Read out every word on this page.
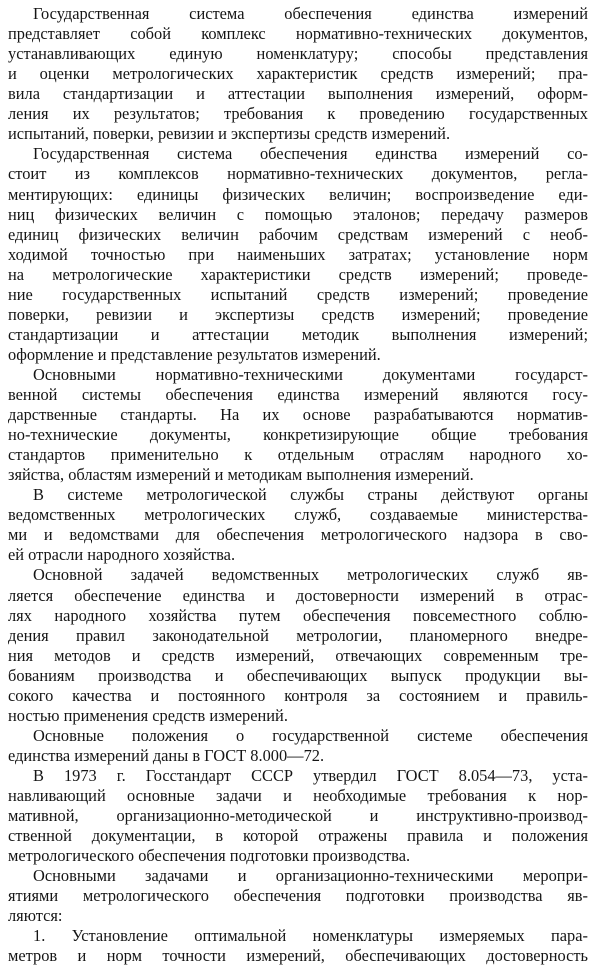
Государственная система обеспечения единства измерений
представляет собой комплекс нормативно-технических документов,
устанавливающих единую номенклатуру; способы представления
и оценки метрологических характеристик средств измерений; пра-
вила стандартизации и аттестации выполнения измерений, оформ-
ления их результатов; требования к проведению государственных
испытаний, поверки, ревизии и экспертизы средств измерений.
Государственная система обеспечения единства измерений со-
стоит из комплексов нормативно-технических документов, регла-
ментирующих: единицы физических величин; воспроизведение еди-
ниц физических величин с помощью эталонов; передачу размеров
единиц физических величин рабочим средствам измерений с необ-
ходимой точностью при наименьших затратах; установление норм
на метрологические характеристики средств измерений; проведе-
ние государственных испытаний средств измерений; проведение
поверки, ревизии и экспертизы средств измерений; проведение
стандартизации и аттестации методик выполнения измерений;
оформление и представление результатов измерений.
Основными нормативно-техническими документами государст-
венной системы обеспечения единства измерений являются госу-
дарственные стандарты. На их основе разрабатываются норматив-
но-технические документы, конкретизирующие общие требования
стандартов применительно к отдельным отраслям народного хо-
зяйства, областям измерений и методикам выполнения измерений.
В системе метрологической службы страны действуют органы
ведомственных метрологических служб, создаваемые министерства-
ми и ведомствами для обеспечения метрологического надзора в сво-
ей отрасли народного хозяйства.
Основной задачей ведомственных метрологических служб яв-
ляется обеспечение единства и достоверности измерений в отрас-
лях народного хозяйства путем обеспечения повсеместного соблю-
дения правил законодательной метрологии, планомерного внедре-
ния методов и средств измерений, отвечающих современным тре-
бованиям производства и обеспечивающих выпуск продукции вы-
сокого качества и постоянного контроля за состоянием и правиль-
ностью применения средств измерений.
Основные положения о государственной системе обеспечения
единства измерений даны в ГОСТ 8.000—72.
В 1973 г. Госстандарт СССР утвердил ГОСТ 8.054—73, уста-
навливающий основные задачи и необходимые требования к нор-
мативной, организационно-методической и инструктивно-производ-
ственной документации, в которой отражены правила и положения
метрологического обеспечения подготовки производства.
Основными задачами и организационно-техническими меропри-
ятиями метрологического обеспечения подготовки производства яв-
ляются:
1. Установление оптимальной номенклатуры измеряемых пара-
метров и норм точности измерений, обеспечивающих достоверность
